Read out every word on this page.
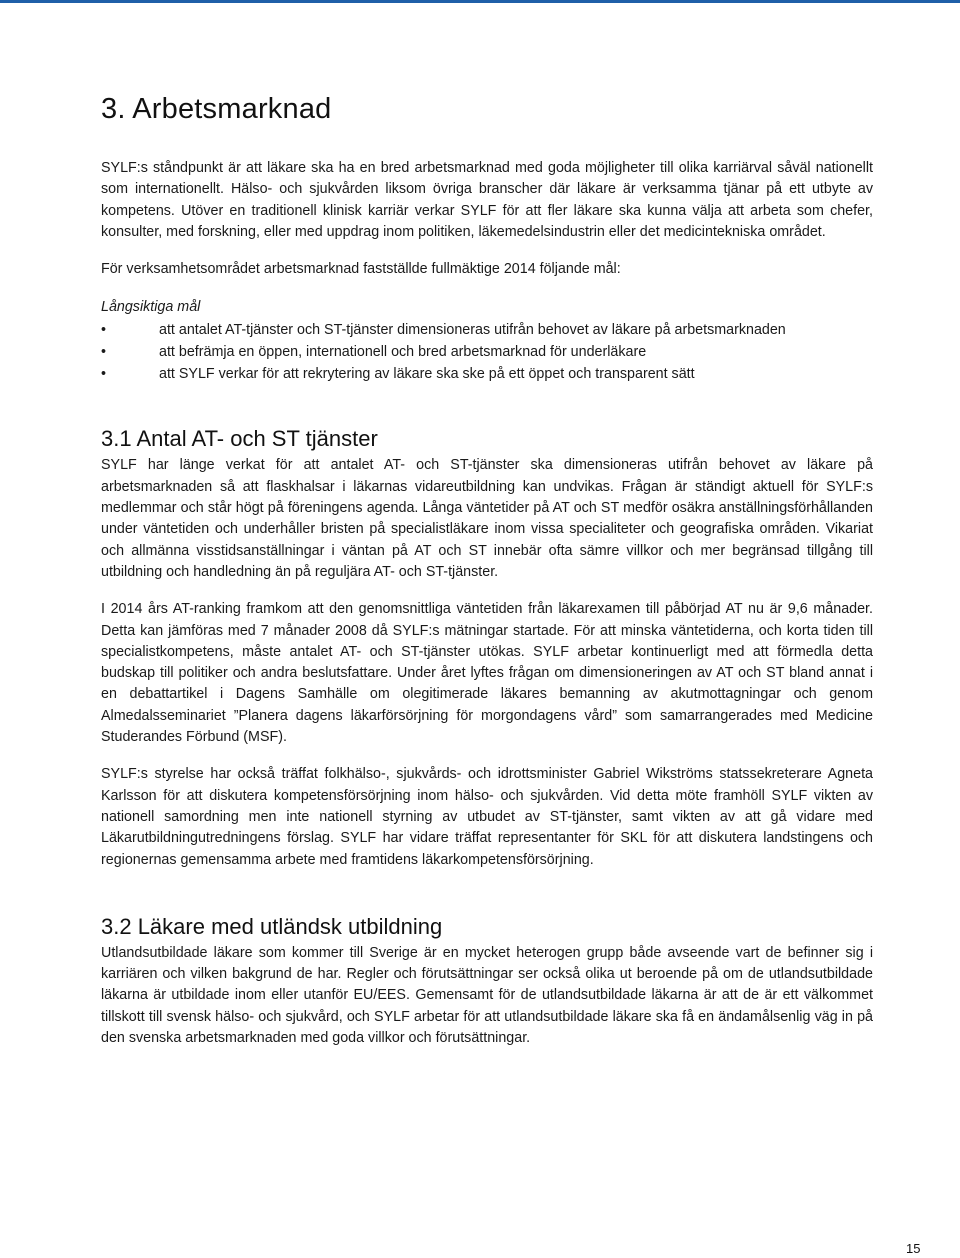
3. Arbetsmarknad

SYLF:s ståndpunkt är att läkare ska ha en bred arbetsmarknad med goda möjligheter till olika karriärval såväl nationellt som internationellt. Hälso- och sjukvården liksom övriga branscher där läkare är verksamma tjänar på ett utbyte av kompetens. Utöver en traditionell klinisk karriär verkar SYLF för att fler läkare ska kunna välja att arbeta som chefer, konsulter, med forskning, eller med uppdrag inom politiken, läkemedelsindustrin eller det medicintekniska området.

För verksamhetsområdet arbetsmarknad fastställde fullmäktige 2014 följande mål:

Långsiktiga mål
•	att antalet AT-tjänster och ST-tjänster dimensioneras utifrån behovet av läkare på arbetsmarknaden
•	att befrämja en öppen, internationell och bred arbetsmarknad för underläkare
•	att SYLF verkar för att rekrytering av läkare ska ske på ett öppet och transparent sätt
3.1 Antal AT- och ST tjänster

SYLF har länge verkat för att antalet AT- och ST-tjänster ska dimensioneras utifrån behovet av läkare på arbetsmarknaden så att flaskhalsar i läkarnas vidareutbildning kan undvikas. Frågan är ständigt aktuell för SYLF:s medlemmar och står högt på föreningens agenda. Långa väntetider på AT och ST medför osäkra anställningsförhållanden under väntetiden och underhåller bristen på specialistläkare inom vissa specialiteter och geografiska områden. Vikariat och allmänna visstidsanställningar i väntan på AT och ST innebär ofta sämre villkor och mer begränsad tillgång till utbildning och handledning än på reguljära AT- och ST-tjänster.

I 2014 års AT-ranking framkom att den genomsnittliga väntetiden från läkarexamen till påbörjad AT nu är 9,6 månader. Detta kan jämföras med 7 månader 2008 då SYLF:s mätningar startade. För att minska väntetiderna, och korta tiden till specialistkompetens, måste antalet AT- och ST-tjänster utökas. SYLF arbetar kontinuerligt med att förmedla detta budskap till politiker och andra beslutsfattare. Under året lyftes frågan om dimensioneringen av AT och ST bland annat i en debattartikel i Dagens Samhälle om olegitimerade läkares bemanning av akutmottagningar och genom Almedalsseminariet ”Planera dagens läkarförsörjning för morgondagens vård” som samarrangerades med Medicine Studerandes Förbund (MSF).

SYLF:s styrelse har också träffat folkhälso-, sjukvårds- och idrottsminister Gabriel Wikströms statssekreterare Agneta Karlsson för att diskutera kompetensförsörjning inom hälso- och sjukvården. Vid detta möte framhöll SYLF vikten av nationell samordning men inte nationell styrning av utbudet av ST-tjänster, samt vikten av att gå vidare med Läkarutbildningutredningens förslag. SYLF har vidare träffat representanter för SKL för att diskutera landstingens och regionernas gemensamma arbete med framtidens läkarkompetensförsörjning.

3.2 Läkare med utländsk utbildning

Utlandsutbildade läkare som kommer till Sverige är en mycket heterogen grupp både avseende vart de befinner sig i karriären och vilken bakgrund de har. Regler och förutsättningar ser också olika ut beroende på om de utlandsutbildade läkarna är utbildade inom eller utanför EU/EES. Gemensamt för de utlandsutbildade läkarna är att de är ett välkommet tillskott till svensk hälso- och sjukvård, och SYLF arbetar för att utlandsutbildade läkare ska få en ändamålsenlig väg in på den svenska arbetsmarknaden med goda villkor och förutsättningar.

15
